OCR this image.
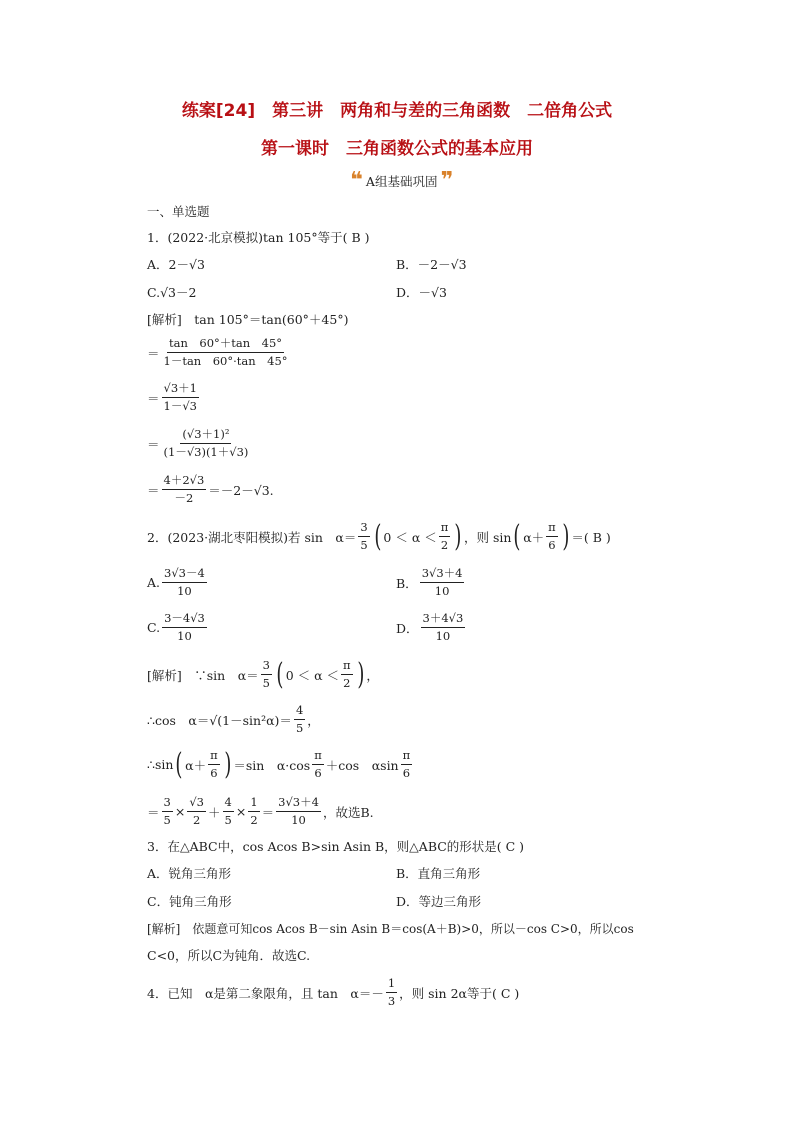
练案[24]　第三讲　两角和与差的三角函数　二倍角公式
第一课时　三角函数公式的基本应用
❝ A组基础巩固 ❞
一、单选题
1．(2022·北京模拟)tan 105°等于( B )
A．2－√3	B．－2－√3
C.√3－2	D．－√3
[解析]　tan 105°＝tan(60°＋45°)
＝ $\frac{\tan 60^\circ+\tan 45^\circ}{1-\tan 60^\circ\cdot\tan 45^\circ}$
＝ $\frac{√3+1}{1-√3}$
＝ $\frac{\text{(√3＋1)²}}{(1-√3)(1+√3)}$
＝ $\frac{4+2√3}{-2} =-2-√3$.
2．(2023·湖北枣阳模拟)若 sin　$\alpha= \frac{3}{5}$ ( $0 < \alpha < \frac{\pi}{2}$ ) ，则 sin ( $\alpha+ \frac{\pi}{6}$ ) ＝( B )
A. $\frac{3√3-4}{10}$	B． $\frac{3√3+4}{10}$
C. $\frac{3-4√3}{10}$	D． $\frac{3+4√3}{10}$
[解析]　∵sin　$\alpha= \frac{3}{5}$ ( $0 < \alpha < \frac{\pi}{2}$ ) ，
∴cos　$\alpha=√(1-\sin^2\alpha)= \frac{4}{5}$ ，
∴sin ( $\alpha+ \frac{\pi}{6}$ ) ＝sin　$\alpha\cdot\cos \frac{\pi}{6} +\cos$　αsin $\frac{\pi}{6}$
＝ $\frac{3}{5} \times \frac{√3}{2} + \frac{4}{5} \times \frac{1}{2} = \frac{3√3+4}{10}$ ，故选B.
3．在△ABC中，cos Acos B>sin Asin B，则△ABC的形状是( C )
A．锐角三角形	B．直角三角形
C．钝角三角形	D．等边三角形
[解析]　依题意可知cos Acos B－sin Asin B＝cos(A＋B)>0，所以－cos C>0，所以cos
C<0，所以C为钝角．故选C.
4．已知　α是第二象限角，且 tan　$\alpha=- \frac{1}{3}$ ，则 sin 2α等于( C )
